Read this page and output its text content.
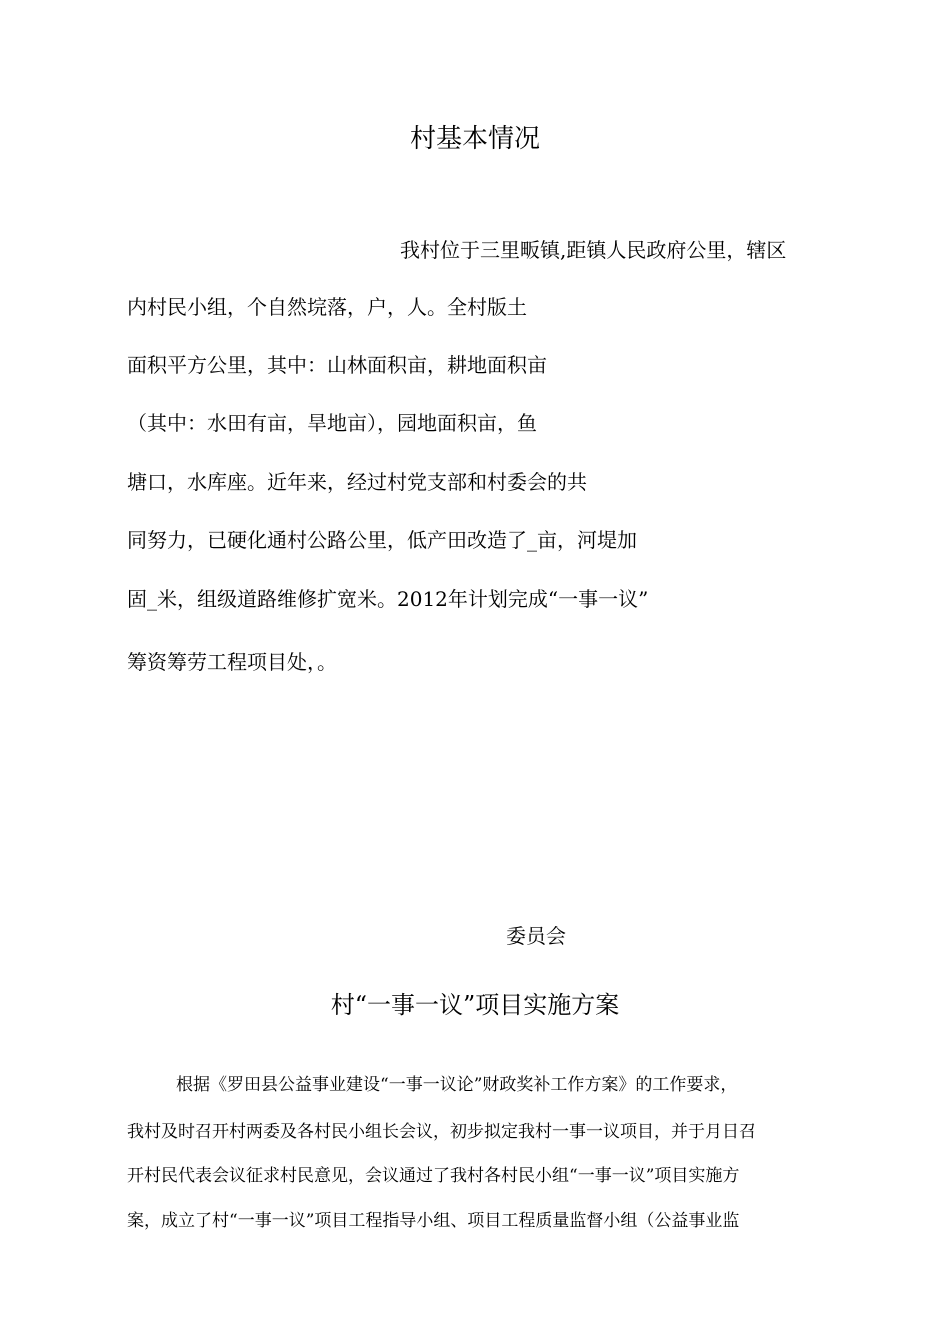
村基本情况
我村位于三里畈镇,距镇人民政府公里，辖区
内村民小组，个自然垸落，户，人。全村版土
面积平方公里，其中：山林面积亩，耕地面积亩
（其中：水田有亩，旱地亩），园地面积亩，鱼
塘口，水库座。近年来，经过村党支部和村委会的共
同努力，已硬化通村公路公里，低产田改造了_亩，河堤加
固_米，组级道路维修扩宽米。2012年计划完成“一事一议”
筹资筹劳工程项目处，。
委员会
村“一事一议”项目实施方案
根据《罗田县公益事业建设“一事一议论”财政奖补工作方案》的工作要求，
我村及时召开村两委及各村民小组长会议，初步拟定我村一事一议项目，并于月日召
开村民代表会议征求村民意见，会议通过了我村各村民小组“一事一议”项目实施方
案，成立了村“一事一议”项目工程指导小组、项目工程质量监督小组（公益事业监
